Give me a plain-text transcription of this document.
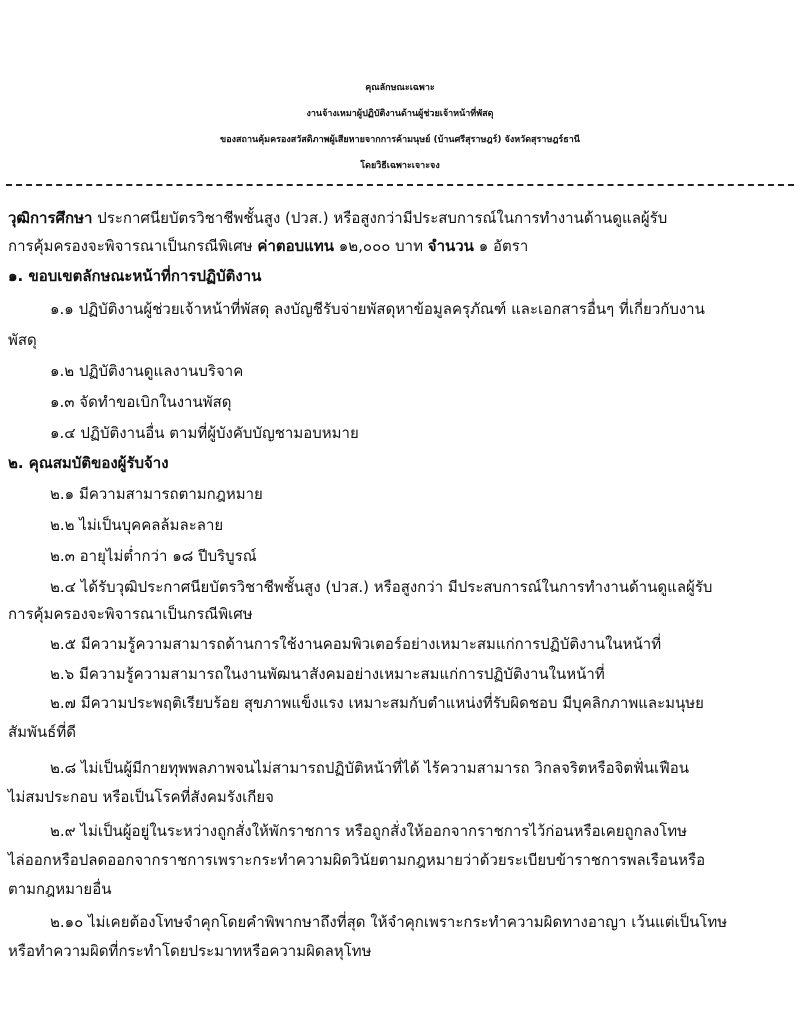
คุณลักษณะเฉพาะ
งานจ้างเหมาผู้ปฏิบัติงานด้านผู้ช่วยเจ้าหน้าที่พัสดุ
ของสถานคุ้มครองสวัสดิภาพผู้เสียหายจากการค้ามนุษย์ (บ้านศรีสุราษฎร์) จังหวัดสุราษฎร์ธานี
โดยวิธีเฉพาะเจาะจง
วุฒิการศึกษา ประกาศนียบัตรวิชาชีพชั้นสูง (ปวส.) หรือสูงกว่ามีประสบการณ์ในการทำงานด้านดูแลผู้รับ
การคุ้มครองจะพิจารณาเป็นกรณีพิเศษ ค่าตอบแทน ๑๒,๐๐๐ บาท จำนวน ๑ อัตรา
๑. ขอบเขตลักษณะหน้าที่การปฏิบัติงาน
๑.๑ ปฏิบัติงานผู้ช่วยเจ้าหน้าที่พัสดุ ลงบัญชีรับจ่ายพัสดุหาข้อมูลครุภัณฑ์ และเอกสารอื่นๆ ที่เกี่ยวกับงาน
พัสดุ
๑.๒ ปฏิบัติงานดูแลงานบริจาค
๑.๓ จัดทำขอเบิกในงานพัสดุ
๑.๔ ปฏิบัติงานอื่น ตามที่ผู้บังคับบัญชามอบหมาย
๒. คุณสมบัติของผู้รับจ้าง
๒.๑ มีความสามารถตามกฎหมาย
๒.๒ ไม่เป็นบุคคลล้มละลาย
๒.๓ อายุไม่ต่ำกว่า ๑๘ ปีบริบูรณ์
๒.๔ ได้รับวุฒิประกาศนียบัตรวิชาชีพชั้นสูง (ปวส.) หรือสูงกว่า มีประสบการณ์ในการทำงานด้านดูแลผู้รับ
การคุ้มครองจะพิจารณาเป็นกรณีพิเศษ
๒.๕ มีความรู้ความสามารถด้านการใช้งานคอมพิวเตอร์อย่างเหมาะสมแก่การปฏิบัติงานในหน้าที่
๒.๖ มีความรู้ความสามารถในงานพัฒนาสังคมอย่างเหมาะสมแก่การปฏิบัติงานในหน้าที่
๒.๗ มีความประพฤติเรียบร้อย สุขภาพแข็งแรง เหมาะสมกับตำแหน่งที่รับผิดชอบ มีบุคลิกภาพและมนุษย
สัมพันธ์ที่ดี
๒.๘ ไม่เป็นผู้มีกายทุพพลภาพจนไม่สามารถปฏิบัติหน้าที่ได้ ไร้ความสามารถ วิกลจริตหรือจิตฟั่นเฟือน
ไม่สมประกอบ หรือเป็นโรคที่สังคมรังเกียจ
๒.๙ ไม่เป็นผู้อยู่ในระหว่างถูกสั่งให้พักราชการ หรือถูกสั่งให้ออกจากราชการไว้ก่อนหรือเคยถูกลงโทษ
ไล่ออกหรือปลดออกจากราชการเพราะกระทำความผิดวินัยตามกฎหมายว่าด้วยระเบียบข้าราชการพลเรือนหรือ
ตามกฎหมายอื่น
๒.๑๐ ไม่เคยต้องโทษจำคุกโดยคำพิพากษาถึงที่สุด ให้จำคุกเพราะกระทำความผิดทางอาญา เว้นแต่เป็นโทษ
หรือทำความผิดที่กระทำโดยประมาทหรือความผิดลหุโทษ
